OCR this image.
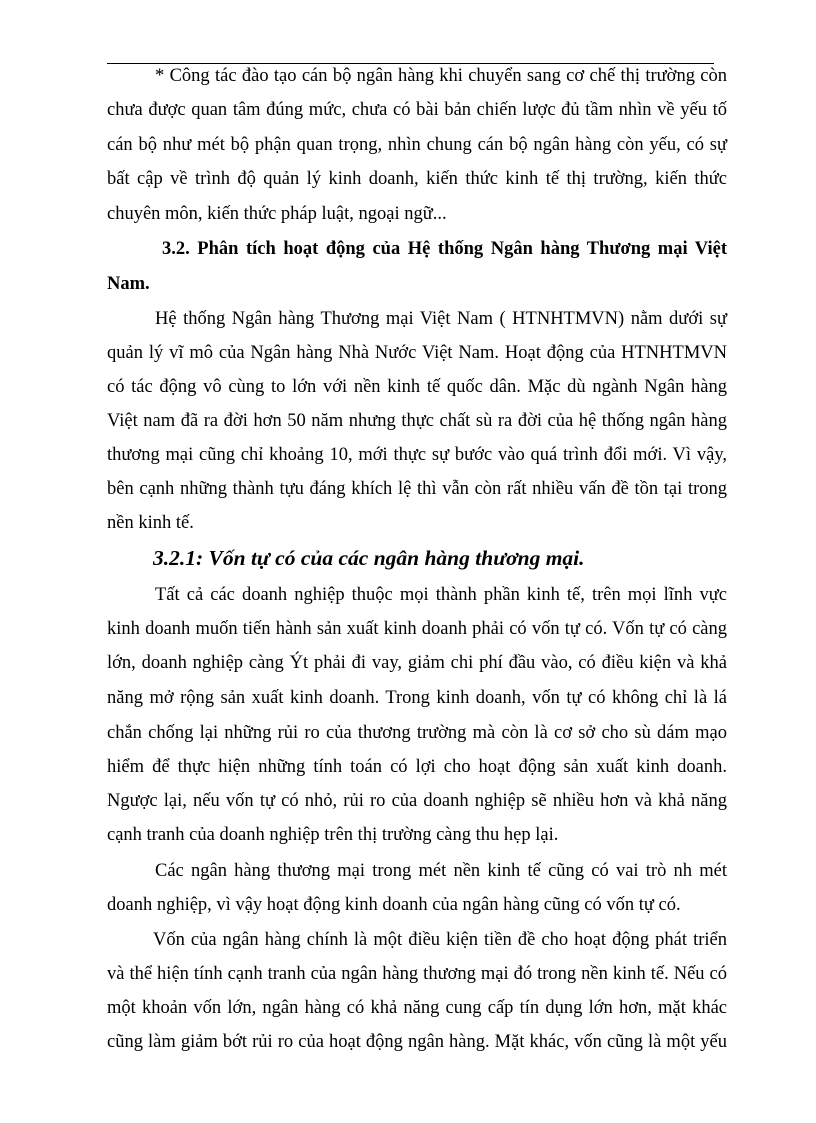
* Công tác đào tạo cán bộ ngân hàng khi chuyển sang cơ chế thị trường còn
chưa được quan tâm đúng mức, chưa có bài bản chiến lược đủ tầm nhìn về yếu tố
cán bộ như mét bộ phận quan trọng, nhìn chung cán bộ ngân hàng còn yếu, có sự
bất cập về trình độ quản lý kinh doanh, kiến thức kinh tế thị trường, kiến thức
chuyên môn, kiến thức pháp luật, ngoại ngữ...
3.2. Phân tích hoạt động của Hệ thống Ngân hàng Thương mại Việt
Nam.
Hệ thống Ngân hàng Thương mại Việt Nam ( HTNHTMVN) nằm dưới sự
quản lý vĩ mô của Ngân hàng Nhà Nước Việt Nam. Hoạt động của HTNHTMVN
có tác động vô cùng to lớn với nền kinh tế quốc dân. Mặc dù ngành Ngân hàng
Việt nam đã ra đời hơn 50 năm nhưng thực chất sù ra đời của hệ thống ngân hàng
thương mại cũng chỉ khoảng 10, mới thực sự bước vào quá trình đổi mới. Vì vậy,
bên cạnh những thành tựu đáng khích lệ thì vẫn còn rất nhiều vấn đề tồn tại trong
nền kinh tế.
3.2.1: Vốn tự có của các ngân hàng thương mại.
Tất cả các doanh nghiệp thuộc mọi thành phần kinh tế, trên mọi lĩnh vực
kinh doanh muốn tiến hành sản xuất kinh doanh phải có vốn tự có. Vốn tự có càng
lớn, doanh nghiệp càng Ýt phải đi vay, giảm chi phí đầu vào, có điều kiện và khả
năng mở rộng sản xuất kinh doanh. Trong kinh doanh, vốn tự có không chỉ là lá
chắn chống lại những rủi ro của thương trường mà còn là cơ sở cho sù dám mạo
hiểm để thực hiện những tính toán có lợi cho hoạt động sản xuất kinh doanh.
Ngược lại, nếu vốn tự có nhỏ, rủi ro của doanh nghiệp sẽ nhiều hơn và khả năng
cạnh tranh của doanh nghiệp trên thị trường càng thu hẹp lại.
Các ngân hàng thương mại trong mét nền kinh tế cũng có vai trò nh mét
doanh nghiệp, vì vậy hoạt động kinh doanh của ngân hàng cũng có vốn tự có.
Vốn của ngân hàng chính là một điều kiện tiền đề cho hoạt động phát triển
và thể hiện tính cạnh tranh của ngân hàng thương mại đó trong nền kinh tế. Nếu có
một khoản vốn lớn, ngân hàng có khả năng cung cấp tín dụng lớn hơn, mặt khác
cũng làm giảm bớt rủi ro của hoạt động ngân hàng. Mặt khác, vốn cũng là một yếu
